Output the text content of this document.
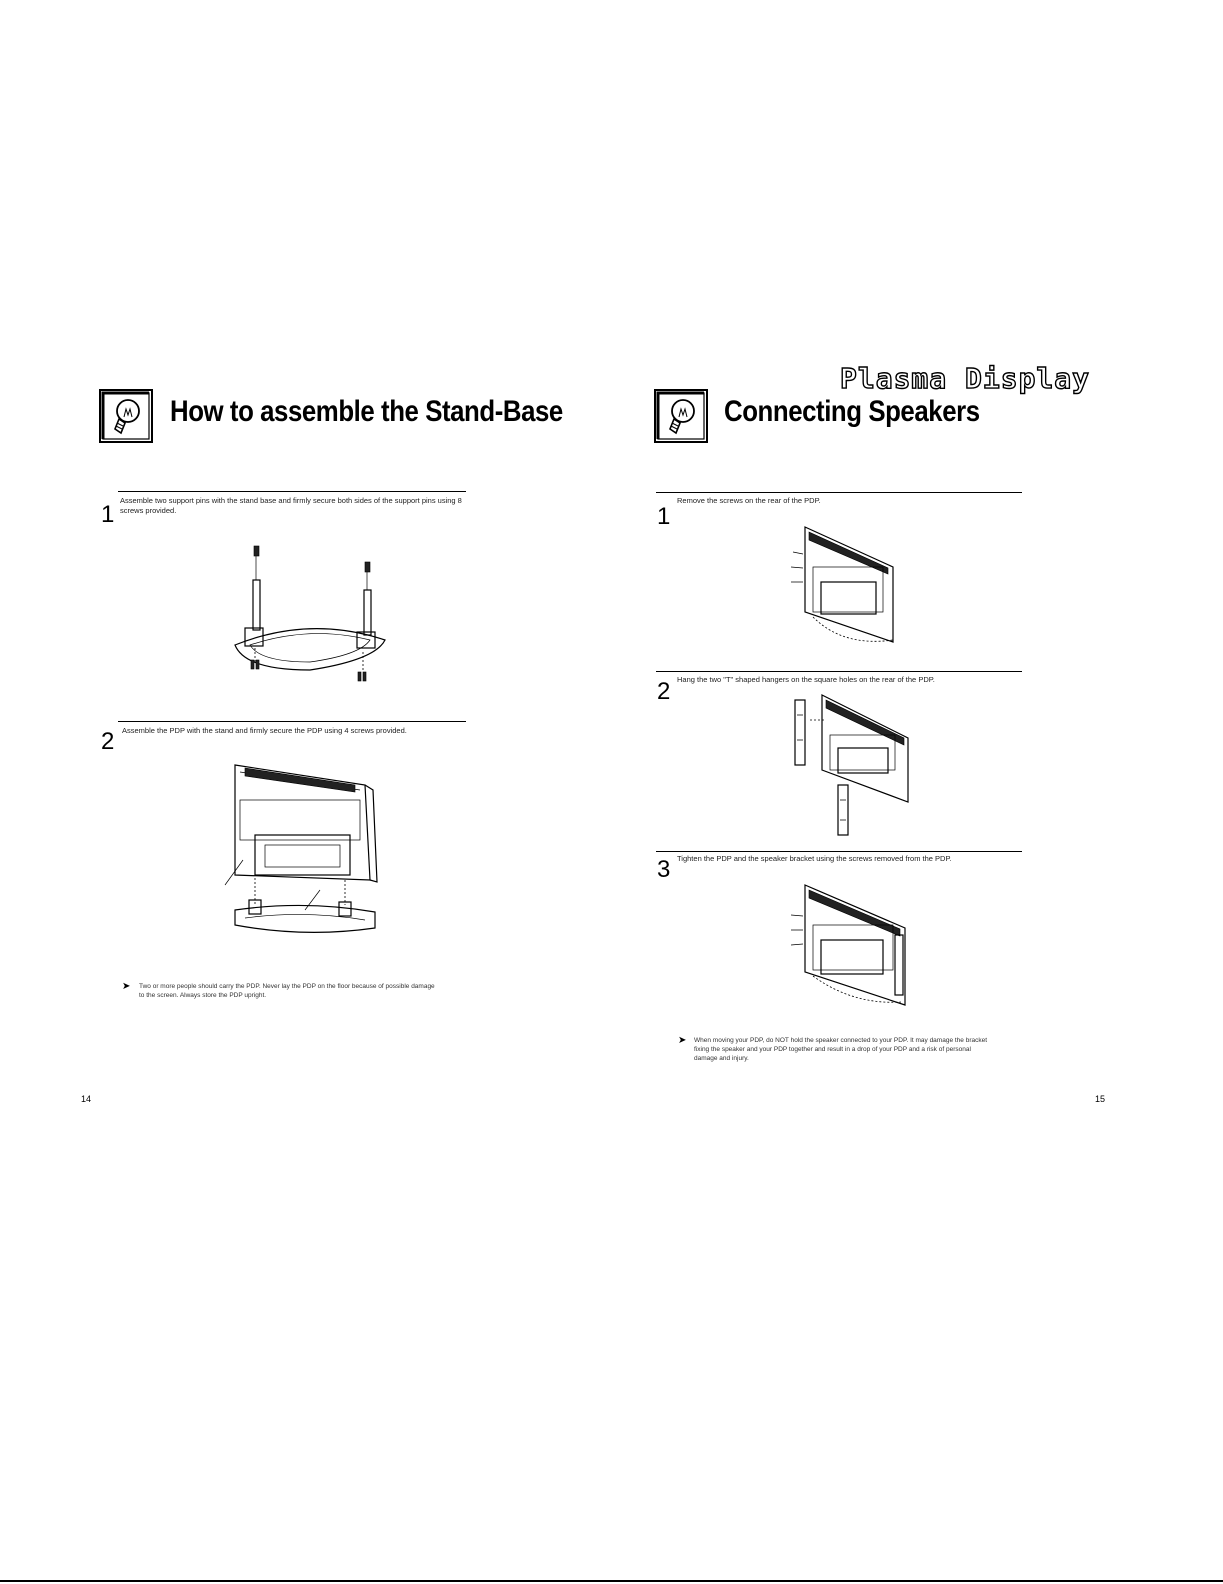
Plasma Display
How to assemble the Stand-Base
1
Assemble two support pins with the stand base and firmly secure both sides of the support pins using 8 screws provided.
2 Assemble the PDP with the stand and firmly secure the PDP using 4 screws provided.
➤ Two or more people should carry the PDP. Never lay the PDP on the floor because of possible damage to the screen. Always store the PDP upright.
14
Connecting Speakers
1
Remove the screws on the rear of the PDP.
2 Hang the two "T" shaped hangers on the square holes on the rear of the PDP.
3 Tighten the PDP and the speaker bracket using the screws removed from the PDP.
➤ When moving your PDP, do NOT hold the speaker connected to your PDP. It may damage the bracket fixing the speaker and your PDP together and result in a drop of your PDP and a risk of personal damage and injury.
15
